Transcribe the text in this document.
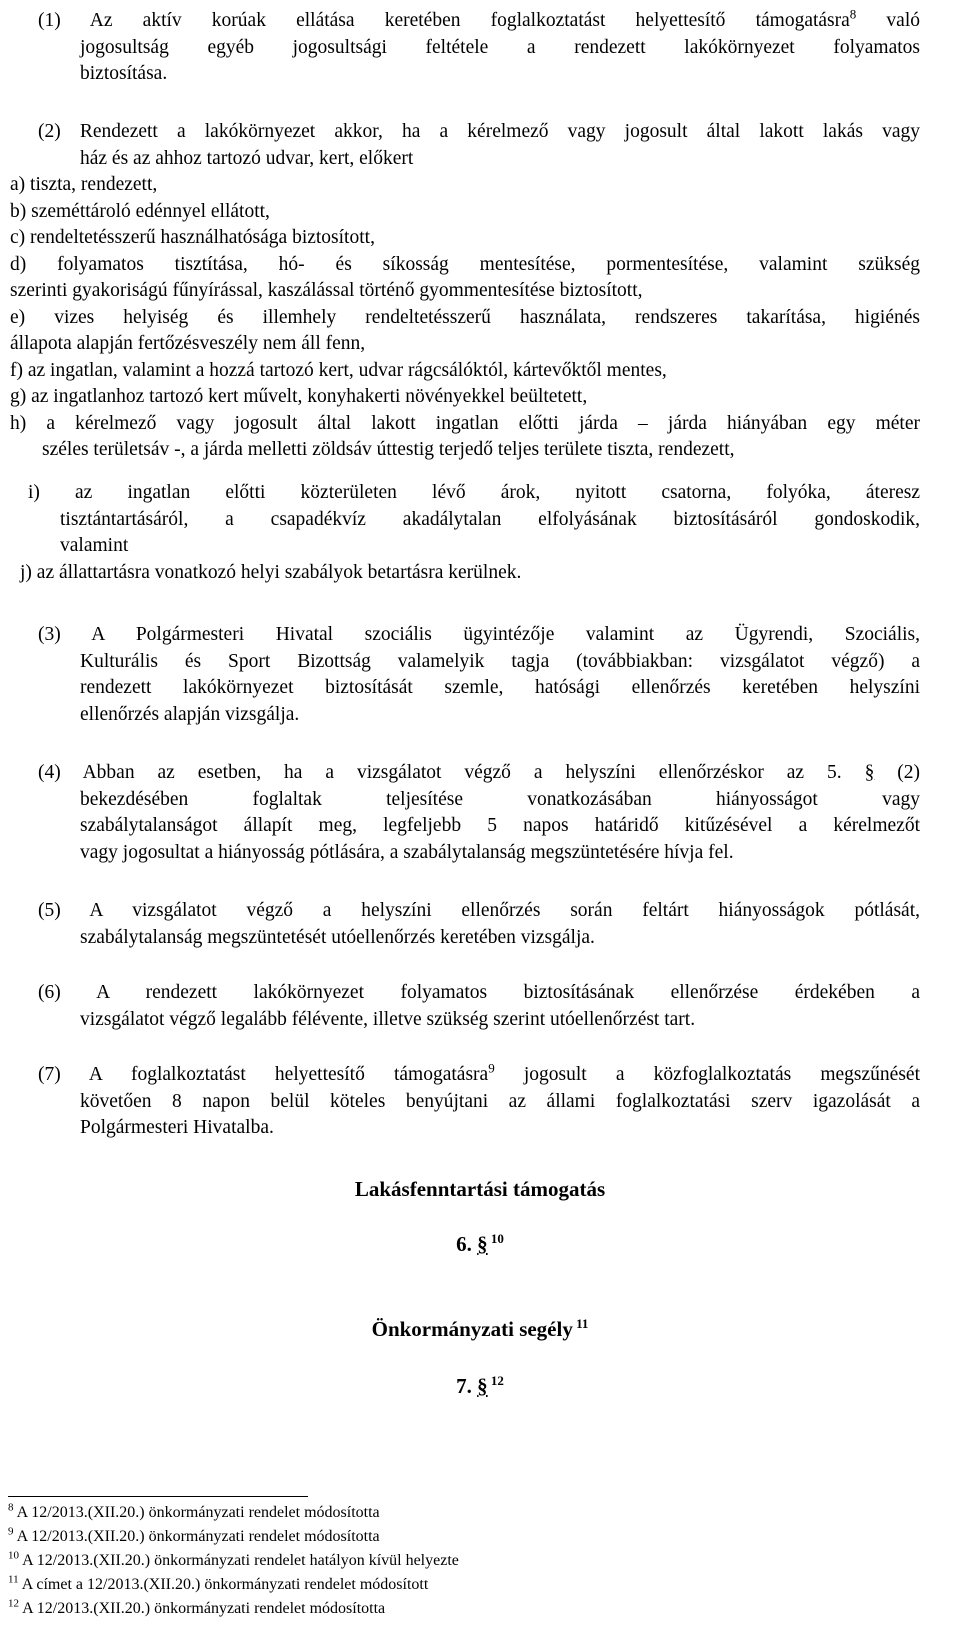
(1) Az aktív korúak ellátása keretében foglalkoztatást helyettesítő támogatásra$^8$ való

jogosultság egyéb jogosultsági feltétele a rendezett lakókörnyezet folyamatos

biztosítása.

(2) Rendezett a lakókörnyezet akkor, ha a kérelmező vagy jogosult által lakott lakás vagy

ház és az ahhoz tartozó udvar, kert, előkert

a) tiszta, rendezett,

b) szeméttároló edénnyel ellátott,

c) rendeltetésszerű használhatósága biztosított,

d) folyamatos tisztítása, hó- és síkosság mentesítése, pormentesítése, valamint szükség

szerinti gyakoriságú fűnyírással, kaszálással történő gyommentesítése biztosított,

e) vizes helyiség és illemhely rendeltetésszerű használata, rendszeres takarítása, higiénés

állapota alapján fertőzésveszély nem áll fenn,

f) az ingatlan, valamint a hozzá tartozó kert, udvar rágcsálóktól, kártevőktől mentes,

g) az ingatlanhoz tartozó kert művelt, konyhakerti növényekkel beültetett,

h) a kérelmező vagy jogosult által lakott ingatlan előtti járda – járda hiányában egy méter

széles területsáv -, a járda melletti zöldsáv úttestig terjedő teljes területe tiszta, rendezett,

i) az ingatlan előtti közterületen lévő árok, nyitott csatorna, folyóka, áteresz

tisztántartásáról, a csapadékvíz akadálytalan elfolyásának biztosításáról gondoskodik,

valamint

j) az állattartásra vonatkozó helyi szabályok betartásra kerülnek.

(3) A Polgármesteri Hivatal szociális ügyintézője valamint az Ügyrendi, Szociális,

Kulturális és Sport Bizottság valamelyik tagja (továbbiakban: vizsgálatot végző) a

rendezett lakókörnyezet biztosítását szemle, hatósági ellenőrzés keretében helyszíni

ellenőrzés alapján vizsgálja.

(4) Abban az esetben, ha a vizsgálatot végző a helyszíni ellenőrzéskor az 5. § (2)

bekezdésében foglaltak teljesítése vonatkozásában hiányosságot vagy

szabálytalanságot állapít meg, legfeljebb 5 napos határidő kitűzésével a kérelmezőt

vagy jogosultat a hiányosság pótlására, a szabálytalanság megszüntetésére hívja fel.

(5) A vizsgálatot végző a helyszíni ellenőrzés során feltárt hiányosságok pótlását,

szabálytalanság megszüntetését utóellenőrzés keretében vizsgálja.

(6) A rendezett lakókörnyezet folyamatos biztosításának ellenőrzése érdekében a

vizsgálatot végző legalább félévente, illetve szükség szerint utóellenőrzést tart.

(7) A foglalkoztatást helyettesítő támogatásra$^9$ jogosult a közfoglalkoztatás megszűnését

követően 8 napon belül köteles benyújtani az állami foglalkoztatási szerv igazolását a

Polgármesteri Hivatalba.

Lakásfenntartási támogatás
6. § $^{10}$
Önkormányzati segély $^{11}$
7. § $^{12}$
$^8$ A 12/2013.(XII.20.) önkormányzati rendelet módosította
$^9$ A 12/2013.(XII.20.) önkormányzati rendelet módosította
$^{10}$ A 12/2013.(XII.20.) önkormányzati rendelet hatályon kívül helyezte
$^{11}$ A címet a 12/2013.(XII.20.) önkormányzati rendelet módosított
$^{12}$ A 12/2013.(XII.20.) önkormányzati rendelet módosította
